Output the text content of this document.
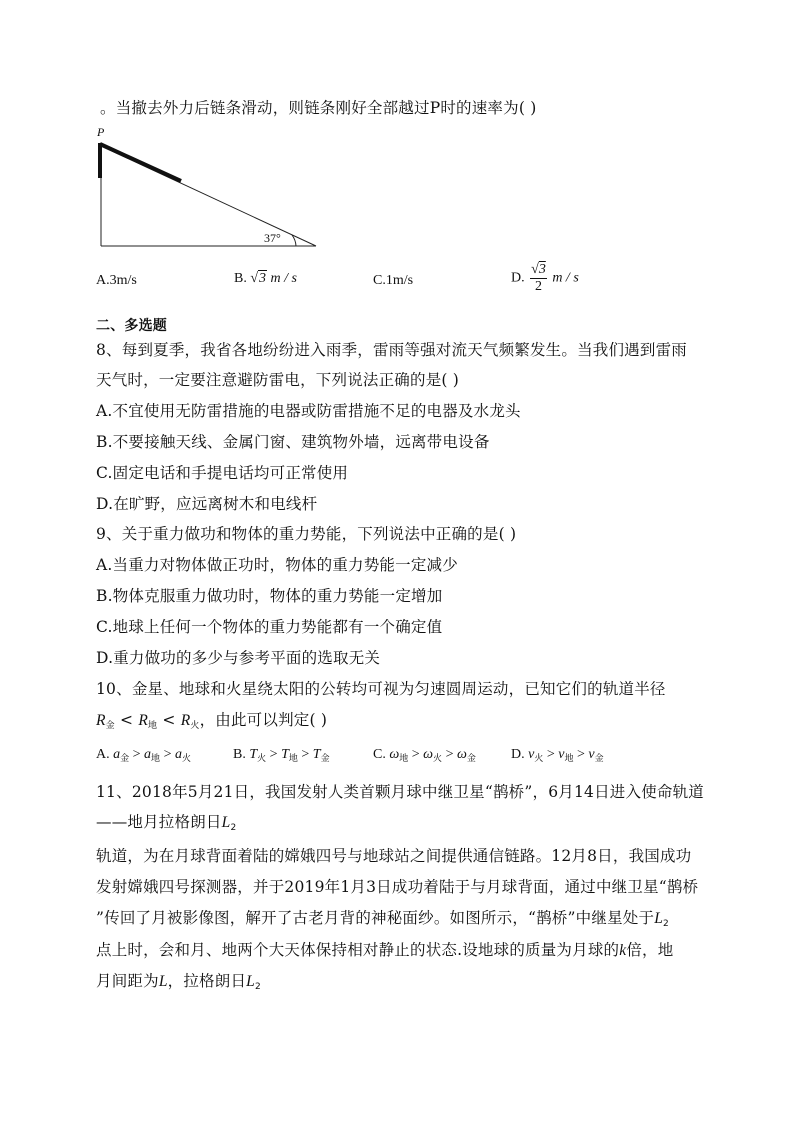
。当撤去外力后链条滑动，则链条刚好全部越过P时的速率为( )
P
37°
A.3m/s	B. √3 m / s	C.1m/s	D. $\frac{√3}{2}$ m / s
二、多选题
8、每到夏季，我省各地纷纷进入雨季，雷雨等强对流天气频繁发生。当我们遇到雷雨
天气时，一定要注意避防雷电，下列说法正确的是( )
A.不宜使用无防雷措施的电器或防雷措施不足的电器及水龙头
B.不要接触天线、金属门窗、建筑物外墙，远离带电设备
C.固定电话和手提电话均可正常使用
D.在旷野，应远离树木和电线杆
9、关于重力做功和物体的重力势能，下列说法中正确的是( )
A.当重力对物体做正功时，物体的重力势能一定减少
B.物体克服重力做功时，物体的重力势能一定增加
C.地球上任何一个物体的重力势能都有一个确定值
D.重力做功的多少与参考平面的选取无关
10、金星、地球和火星绕太阳的公转均可视为匀速圆周运动，已知它们的轨道半径
R金 < R地 < R火，由此可以判定( )
A. $a_金 > a_地 > a_火$	B. $T_火 > T_地 > T_金$	C. $\omega_地 > \omega_火 > \omega_金$	D. $v_火 > v_地 > v_金$
11、2018年5月21日，我国发射人类首颗月球中继卫星“鹊桥”，6月14日进入使命轨道
——地月拉格朗日L2
轨道，为在月球背面着陆的嫦娥四号与地球站之间提供通信链路。12月8日，我国成功
发射嫦娥四号探测器，并于2019年1月3日成功着陆于与月球背面，通过中继卫星“鹊桥
”传回了月被影像图，解开了古老月背的神秘面纱。如图所示，“鹊桥”中继星处于L2
点上时，会和月、地两个大天体保持相对静止的状态.设地球的质量为月球的k倍，地
月间距为L，拉格朗日L2
